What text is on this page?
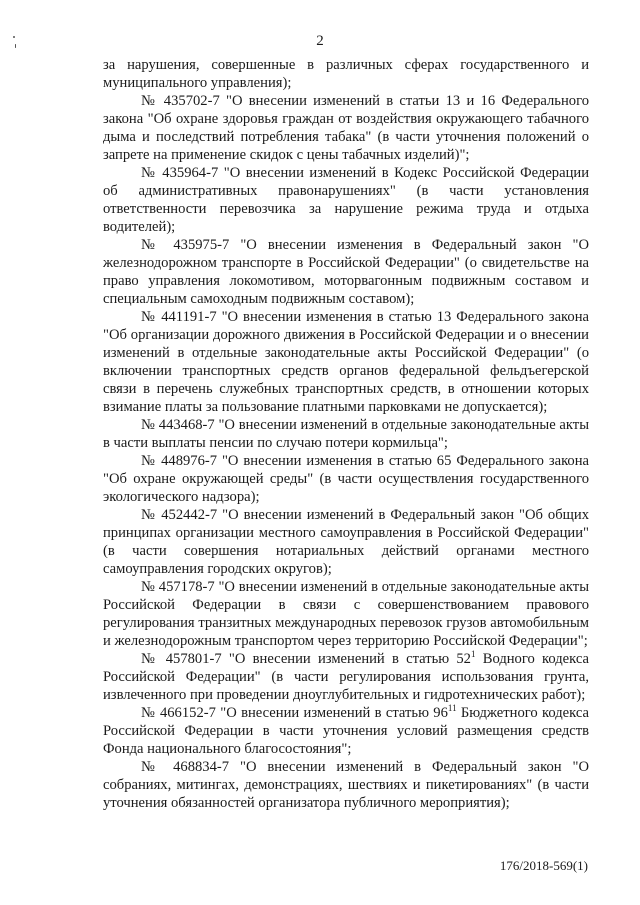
2

за нарушения, совершенные в различных сферах государственного и муниципального управления);

№ 435702-7 "О внесении изменений в статьи 13 и 16 Федерального закона "Об охране здоровья граждан от воздействия окружающего табачного дыма и последствий потребления табака" (в части уточнения положений о запрете на применение скидок с цены табачных изделий)";

№ 435964-7 "О внесении изменений в Кодекс Российской Федерации об административных правонарушениях" (в части установления ответственности перевозчика за нарушение режима труда и отдыха водителей);

№ 435975-7 "О внесении изменения в Федеральный закон "О железнодорожном транспорте в Российской Федерации" (о свидетельстве на право управления локомотивом, моторвагонным подвижным составом и специальным самоходным подвижным составом);

№ 441191-7 "О внесении изменения в статью 13 Федерального закона "Об организации дорожного движения в Российской Федерации и о внесении изменений в отдельные законодательные акты Российской Федерации" (о включении транспортных средств органов федеральной фельдъегерской связи в перечень служебных транспортных средств, в отношении которых взимание платы за пользование платными парковками не допускается);

№ 443468-7 "О внесении изменений в отдельные законодательные акты в части выплаты пенсии по случаю потери кормильца";

№ 448976-7 "О внесении изменения в статью 65 Федерального закона "Об охране окружающей среды" (в части осуществления государственного экологического надзора);

№ 452442-7 "О внесении изменений в Федеральный закон "Об общих принципах организации местного самоуправления в Российской Федерации" (в части совершения нотариальных действий органами местного самоуправления городских округов);

№ 457178-7 "О внесении изменений в отдельные законодательные акты Российской Федерации в связи с совершенствованием правового регулирования транзитных международных перевозок грузов автомобильным и железнодорожным транспортом через территорию Российской Федерации";

№ 457801-7 "О внесении изменений в статью $52^1$ Водного кодекса Российской Федерации" (в части регулирования использования грунта, извлеченного при проведении дноуглубительных и гидротехнических работ);

№ 466152-7 "О внесении изменений в статью $96^{11}$ Бюджетного кодекса Российской Федерации в части уточнения условий размещения средств Фонда национального благосостояния";

№ 468834-7 "О внесении изменений в Федеральный закон "О собраниях, митингах, демонстрациях, шествиях и пикетированиях" (в части уточнения обязанностей организатора публичного мероприятия);

176/2018-569(1)
